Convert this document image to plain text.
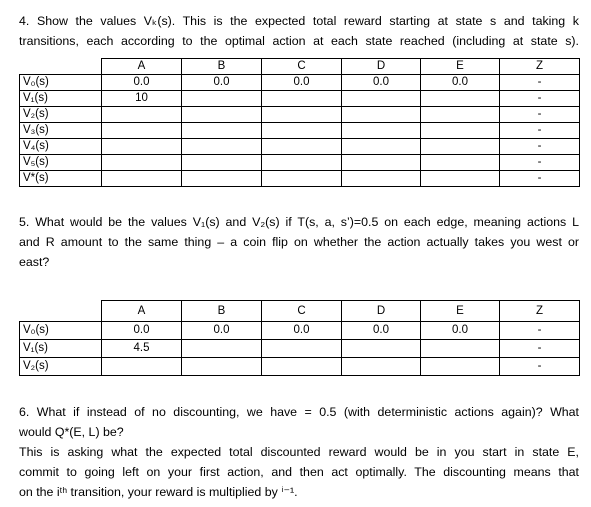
4. Show the values Vₖ(s). This is the expected total reward starting at state s and taking k
transitions, each according to the optimal action at each state reached (including at state s).
	A	B	C	D	E	Z
V₀(s)	0.0	0.0	0.0	0.0	0.0	-
V₁(s)	10					-
V₂(s)						-
V₃(s)						-
V₄(s)						-
V₅(s)						-
V*(s)						-
5. What would be the values V₁(s) and V₂(s) if T(s, a, s’)=0.5 on each edge, meaning actions L
and R amount to the same thing – a coin flip on whether the action actually takes you west or
east?
	A	B	C	D	E	Z
V₀(s)	0.0	0.0	0.0	0.0	0.0	-
V₁(s)	4.5					-
V₂(s)						-
6. What if instead of no discounting, we have = 0.5 (with deterministic actions again)? What
would Q*(E, L) be?
This is asking what the expected total discounted reward would be in you start in state E,
commit to going left on your first action, and then act optimally. The discounting means that
on the iᵗʰ transition, your reward is multiplied by ⁱ⁻¹.
